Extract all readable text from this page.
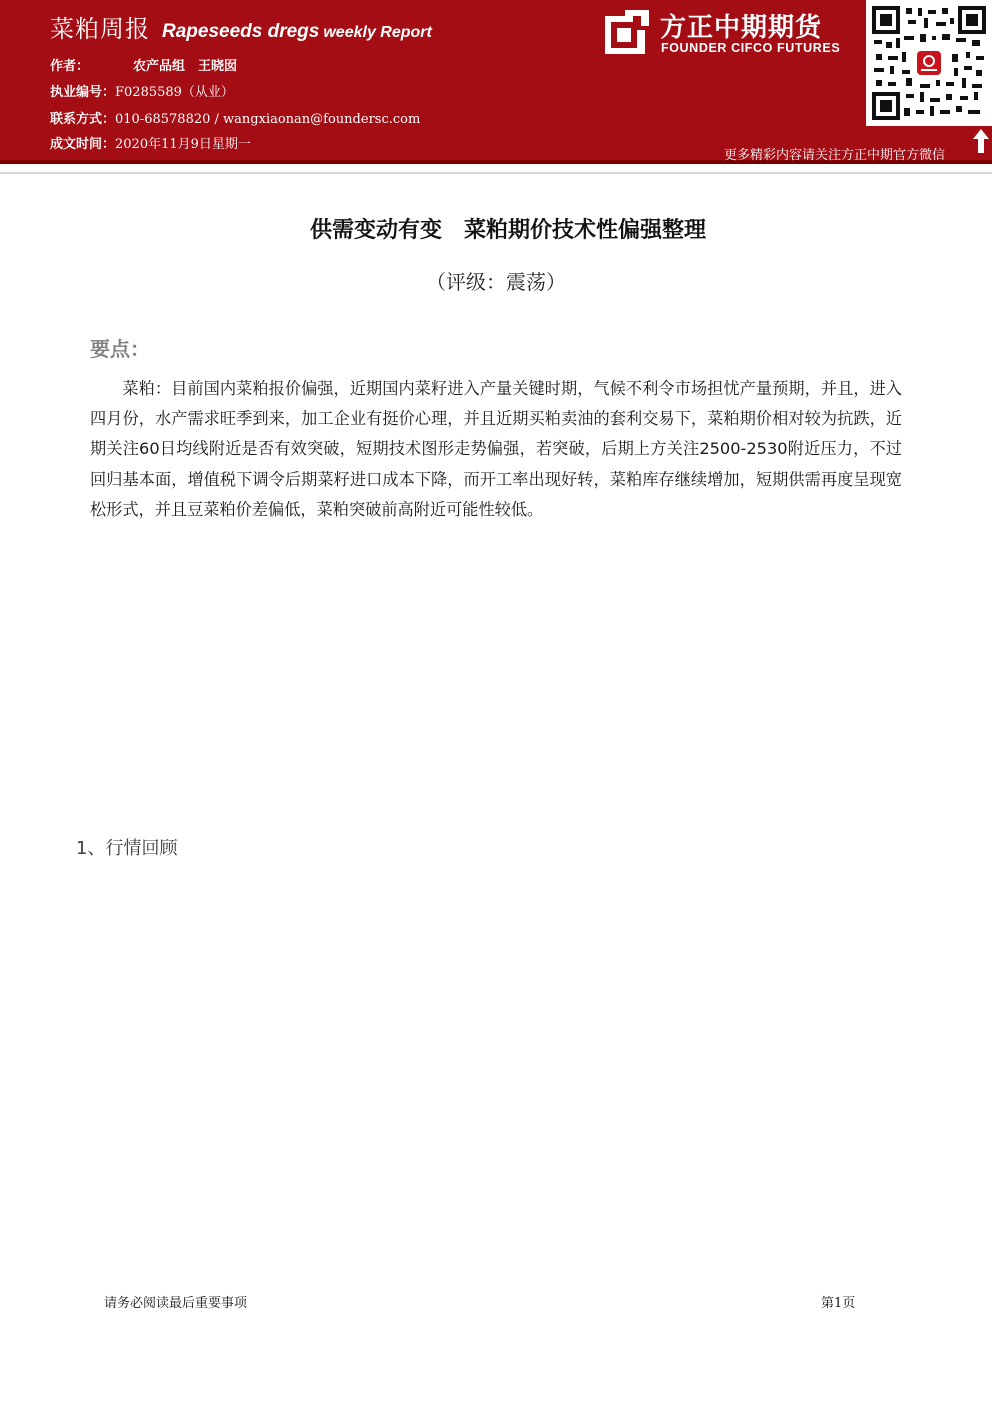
菜粕周报 Rapeseeds dregs weekly Report
作者：	农产品组　王晓囡
执业编号：F0285589（从业）
联系方式：010-68578820 / wangxiaonan@foundersc.com
成文时间：2020年11月9日星期一
方正中期期货
FOUNDER CIFCO FUTURES
更多精彩内容请关注方正中期官方微信
供需变动有变　菜粕期价技术性偏强整理
（评级：震荡）
要点：

菜粕：目前国内菜粕报价偏强，近期国内菜籽进入产量关键时期，气候不利令市场担忧产量预期，并且，进入四月份，水产需求旺季到来，加工企业有挺价心理，并且近期买粕卖油的套利交易下，菜粕期价相对较为抗跌，近期关注60日均线附近是否有效突破，短期技术图形走势偏强，若突破，后期上方关注2500-2530附近压力，不过回归基本面，增值税下调令后期菜籽进口成本下降，而开工率出现好转，菜粕库存继续增加，短期供需再度呈现宽松形式，并且豆菜粕价差偏低，菜粕突破前高附近可能性较低。

1、行情回顾
请务必阅读最后重要事项	第1页
